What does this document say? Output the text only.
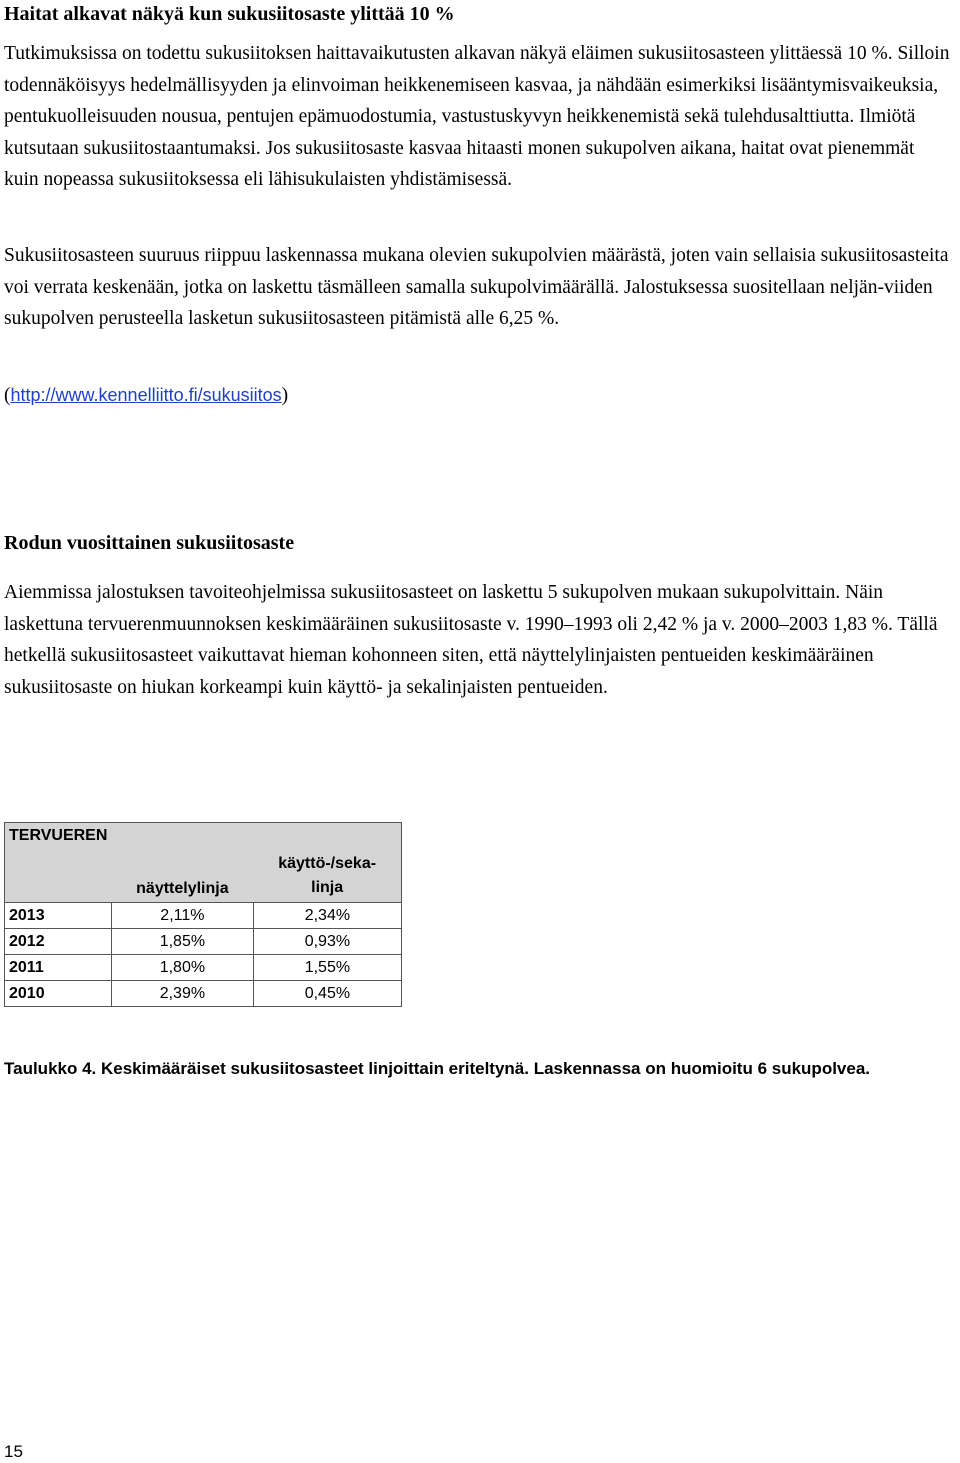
Haitat alkavat näkyä kun sukusiitosaste ylittää 10 %

Tutkimuksissa on todettu sukusiitoksen haittavaikutusten alkavan näkyä eläimen sukusiitosasteen ylittäessä 10 %. Silloin todennäköisyys hedelmällisyyden ja elinvoiman heikkenemiseen kasvaa, ja nähdään esimerkiksi lisääntymisvaikeuksia, pentukuolleisuuden nousua, pentujen epämuodostumia, vastustuskyvyn heikkenemistä sekä tulehdusalttiutta. Ilmiötä kutsutaan sukusiitostaantumaksi. Jos sukusiitosaste kasvaa hitaasti monen sukupolven aikana, haitat ovat pienemmät kuin nopeassa sukusiitoksessa eli lähisukulaisten yhdistämisessä.

Sukusiitosasteen suuruus riippuu laskennassa mukana olevien sukupolvien määrästä, joten vain sellaisia sukusiitosasteita voi verrata keskenään, jotka on laskettu täsmälleen samalla sukupolvimäärällä. Jalostuksessa suositellaan neljän-viiden sukupolven perusteella lasketun sukusiitosasteen pitämistä alle 6,25 %.

(http://www.kennelliitto.fi/sukusiitos)
Rodun vuosittainen sukusiitosaste

Aiemmissa jalostuksen tavoiteohjelmissa sukusiitosasteet on laskettu 5 sukupolven mukaan sukupolvittain. Näin laskettuna tervuerenmuunnoksen keskimääräinen sukusiitosaste v. 1990–1993 oli 2,42 % ja v. 2000–2003 1,83 %. Tällä hetkellä sukusiitosasteet vaikuttavat hieman kohonneen siten, että näyttelylinjaisten pentueiden keskimääräinen sukusiitosaste on hiukan korkeampi kuin käyttö- ja sekalinjaisten pentueiden.

TERVUEREN	näyttelylinja	käyttö-/seka-
linja

2013	2,11%	2,34%
2012	1,85%	0,93%
2011	1,80%	1,55%
2010	2,39%	0,45%

Taulukko 4. Keskimääräiset sukusiitosasteet linjoittain eriteltynä. Laskennassa on huomioitu 6 sukupolvea.

15
